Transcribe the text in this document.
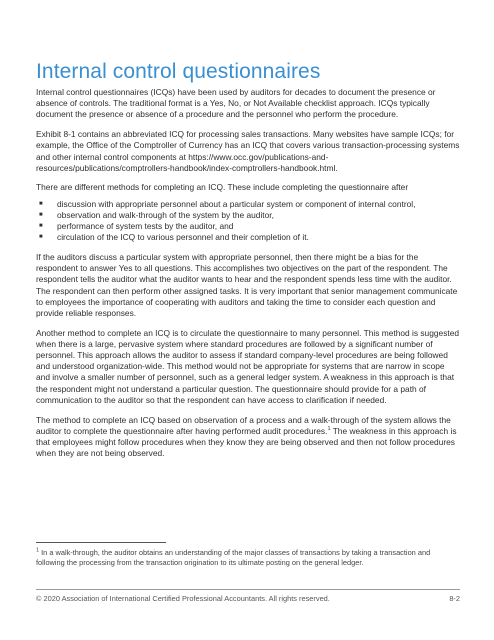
Internal control questionnaires

Internal control questionnaires (ICQs) have been used by auditors for decades to document the presence or absence of controls. The traditional format is a Yes, No, or Not Available checklist approach. ICQs typically document the presence or absence of a procedure and the personnel who perform the procedure.

Exhibit 8-1 contains an abbreviated ICQ for processing sales transactions. Many websites have sample ICQs; for example, the Office of the Comptroller of Currency has an ICQ that covers various transaction-processing systems and other internal control components at https://www.occ.gov/publications-and-resources/publications/comptrollers-handbook/index-comptrollers-handbook.html.

There are different methods for completing an ICQ. These include completing the questionnaire after

■ discussion with appropriate personnel about a particular system or component of internal control,
■ observation and walk-through of the system by the auditor,
■ performance of system tests by the auditor, and
■ circulation of the ICQ to various personnel and their completion of it.

If the auditors discuss a particular system with appropriate personnel, then there might be a bias for the respondent to answer Yes to all questions. This accomplishes two objectives on the part of the respondent. The respondent tells the auditor what the auditor wants to hear and the respondent spends less time with the auditor. The respondent can then perform other assigned tasks. It is very important that senior management communicate to employees the importance of cooperating with auditors and taking the time to consider each question and provide reliable responses.

Another method to complete an ICQ is to circulate the questionnaire to many personnel. This method is suggested when there is a large, pervasive system where standard procedures are followed by a significant number of personnel. This approach allows the auditor to assess if standard company-level procedures are being followed and understood organization-wide. This method would not be appropriate for systems that are narrow in scope and involve a smaller number of personnel, such as a general ledger system. A weakness in this approach is that the respondent might not understand a particular question. The questionnaire should provide for a path of communication to the auditor so that the respondent can have access to clarification if needed.

The method to complete an ICQ based on observation of a process and a walk-through of the system allows the auditor to complete the questionnaire after having performed audit procedures.$^1$ The weakness in this approach is that employees might follow procedures when they know they are being observed and then not follow procedures when they are not being observed.

$^1$ In a walk-through, the auditor obtains an understanding of the major classes of transactions by taking a transaction and following the processing from the transaction origination to its ultimate posting on the general ledger.
© 2020 Association of International Certified Professional Accountants. All rights reserved.	8-2
